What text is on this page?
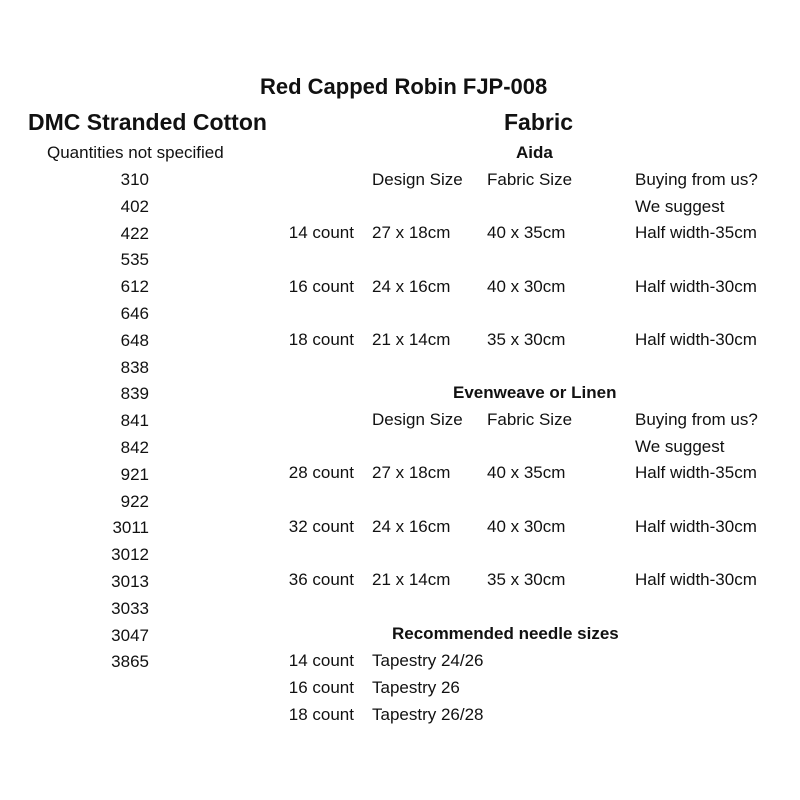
Red Capped Robin FJP-008
DMC Stranded Cotton
Quantities not specified
310
402
422
535
612
646
648
838
839
841
842
921
922
3011
3012
3013
3033
3047
3865
Fabric
Aida
Design Size Fabric Size	Buying from us?
We suggest
14 count 27 x 18cm 40 x 35cm	Half width-35cm
16 count 24 x 16cm 40 x 30cm	Half width-30cm
18 count 21 x 14cm 35 x 30cm	Half width-30cm
Evenweave or Linen
Design Size Fabric Size	Buying from us?
We suggest
28 count 27 x 18cm 40 x 35cm	Half width-35cm
32 count 24 x 16cm 40 x 30cm	Half width-30cm
36 count 21 x 14cm 35 x 30cm	Half width-30cm
Recommended needle sizes
14 count Tapestry 24/26
16 count Tapestry 26
18 count Tapestry 26/28
